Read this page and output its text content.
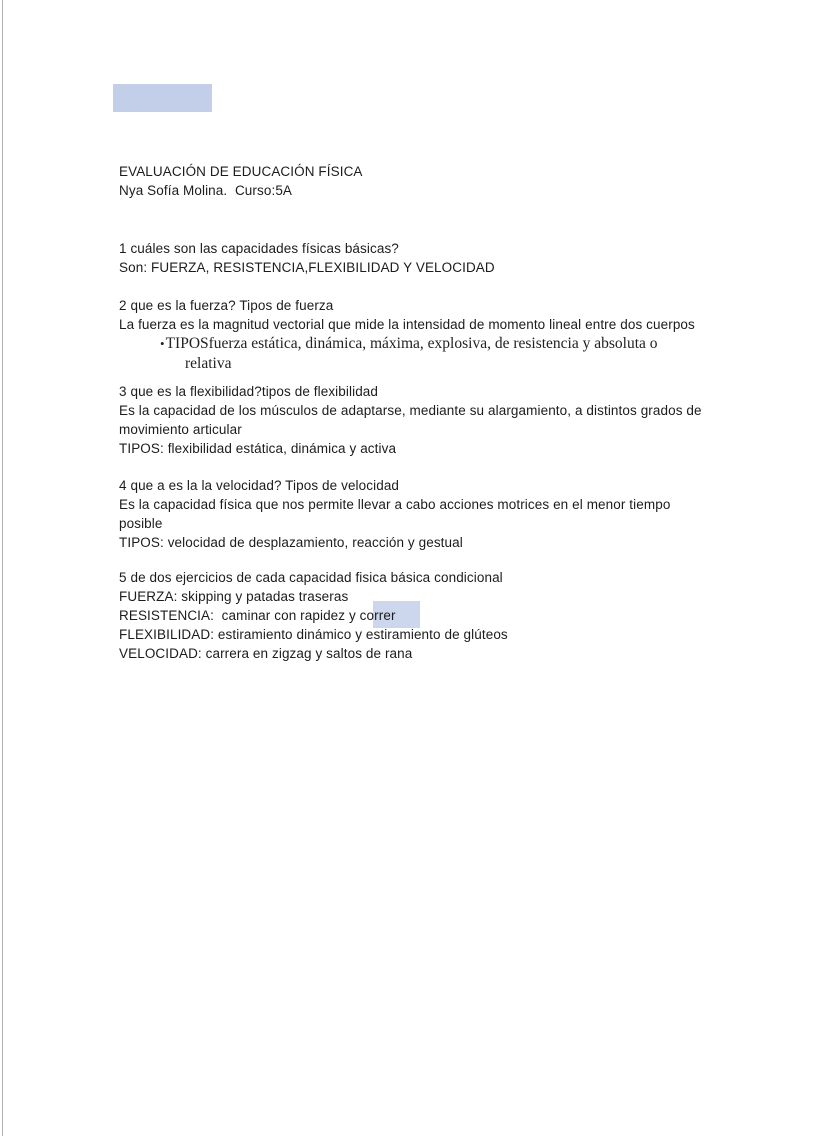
EVALUACIÓN DE EDUCACIÓN FÍSICA
Nya Sofía Molina.  Curso:5A
1 cuáles son las capacidades físicas básicas?
Son: FUERZA, RESISTENCIA,FLEXIBILIDAD Y VELOCIDAD
2 que es la fuerza? Tipos de fuerza
La fuerza es la magnitud vectorial que mide la intensidad de momento lineal entre dos cuerpos
•TIPOSfuerza estática, dinámica, máxima, explosiva, de resistencia y absoluta o
relativa
3 que es la flexibilidad?tipos de flexibilidad
Es la capacidad de los músculos de adaptarse, mediante su alargamiento, a distintos grados de
movimiento articular
TIPOS: flexibilidad estática, dinámica y activa
4 que a es la la velocidad? Tipos de velocidad
Es la capacidad física que nos permite llevar a cabo acciones motrices en el menor tiempo
posible
TIPOS: velocidad de desplazamiento, reacción y gestual
5 de dos ejercicios de cada capacidad fisica básica condicional
FUERZA: skipping y patadas traseras
RESISTENCIA:  caminar con rapidez y correr
FLEXIBILIDAD: estiramiento dinámico y estiramiento de glúteos
VELOCIDAD: carrera en zigzag y saltos de rana
